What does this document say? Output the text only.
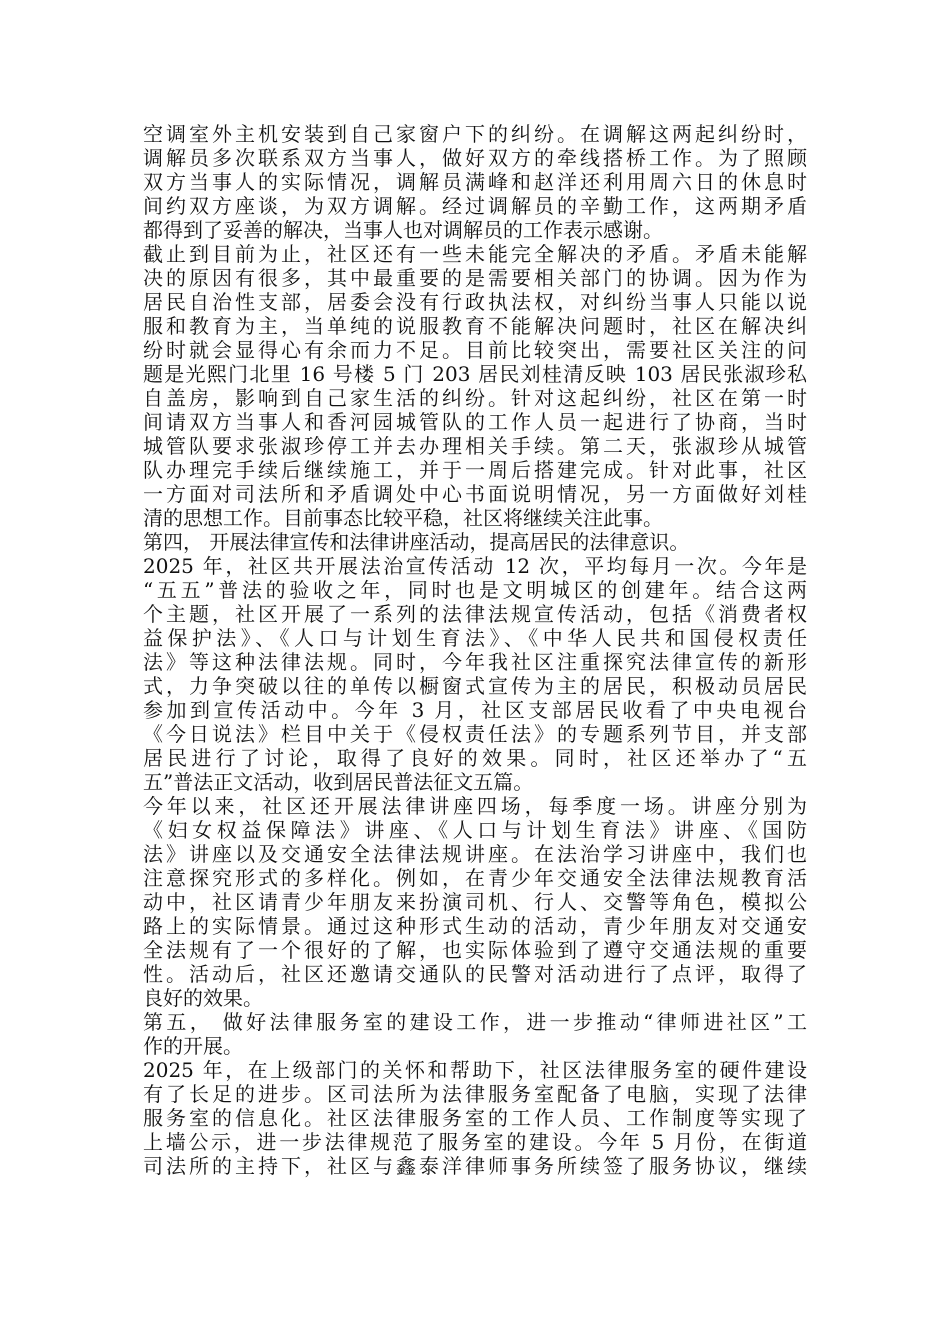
空调室外主机安装到自己家窗户下的纠纷。在调解这两起纠纷时，

调解员多次联系双方当事人，做好双方的牵线搭桥工作。为了照顾

双方当事人的实际情况，调解员满峰和赵洋还利用周六日的休息时

间约双方座谈，为双方调解。经过调解员的辛勤工作，这两期矛盾

都得到了妥善的解决，当事人也对调解员的工作表示感谢。

截止到目前为止，社区还有一些未能完全解决的矛盾。矛盾未能解

决的原因有很多，其中最重要的是需要相关部门的协调。因为作为

居民自治性支部，居委会没有行政执法权，对纠纷当事人只能以说

服和教育为主，当单纯的说服教育不能解决问题时，社区在解决纠

纷时就会显得心有余而力不足。目前比较突出，需要社区关注的问

题是光熙门北里 16 号楼 5 门 203 居民刘桂清反映 103 居民张淑珍私

自盖房，影响到自己家生活的纠纷。针对这起纠纷，社区在第一时

间请双方当事人和香河园城管队的工作人员一起进行了协商，当时

城管队要求张淑珍停工并去办理相关手续。第二天，张淑珍从城管

队办理完手续后继续施工，并于一周后搭建完成。针对此事，社区

一方面对司法所和矛盾调处中心书面说明情况，另一方面做好刘桂

清的思想工作。目前事态比较平稳，社区将继续关注此事。

第四， 开展法律宣传和法律讲座活动，提高居民的法律意识。

2025 年，社区共开展法治宣传活动 12 次，平均每月一次。今年是

“五五”普法的验收之年，同时也是文明城区的创建年。结合这两

个主题，社区开展了一系列的法律法规宣传活动，包括《消费者权

益保护法》、《人口与计划生育法》、《中华人民共和国侵权责任

法》等这种法律法规。同时，今年我社区注重探究法律宣传的新形

式，力争突破以往的单传以橱窗式宣传为主的居民，积极动员居民

参加到宣传活动中。今年 3 月，社区支部居民收看了中央电视台

《今日说法》栏目中关于《侵权责任法》的专题系列节目，并支部

居民进行了讨论，取得了良好的效果。同时，社区还举办了“五

五”普法正文活动，收到居民普法征文五篇。

今年以来，社区还开展法律讲座四场，每季度一场。讲座分别为

《妇女权益保障法》讲座、《人口与计划生育法》讲座、《国防

法》讲座以及交通安全法律法规讲座。在法治学习讲座中，我们也

注意探究形式的多样化。例如，在青少年交通安全法律法规教育活

动中，社区请青少年朋友来扮演司机、行人、交警等角色，模拟公

路上的实际情景。通过这种形式生动的活动，青少年朋友对交通安

全法规有了一个很好的了解，也实际体验到了遵守交通法规的重要

性。活动后，社区还邀请交通队的民警对活动进行了点评，取得了

良好的效果。

第五， 做好法律服务室的建设工作，进一步推动“律师进社区”工

作的开展。

2025 年，在上级部门的关怀和帮助下，社区法律服务室的硬件建设

有了长足的进步。区司法所为法律服务室配备了电脑，实现了法律

服务室的信息化。社区法律服务室的工作人员、工作制度等实现了

上墙公示，进一步法律规范了服务室的建设。今年 5 月份，在街道

司法所的主持下，社区与鑫泰洋律师事务所续签了服务协议，继续
